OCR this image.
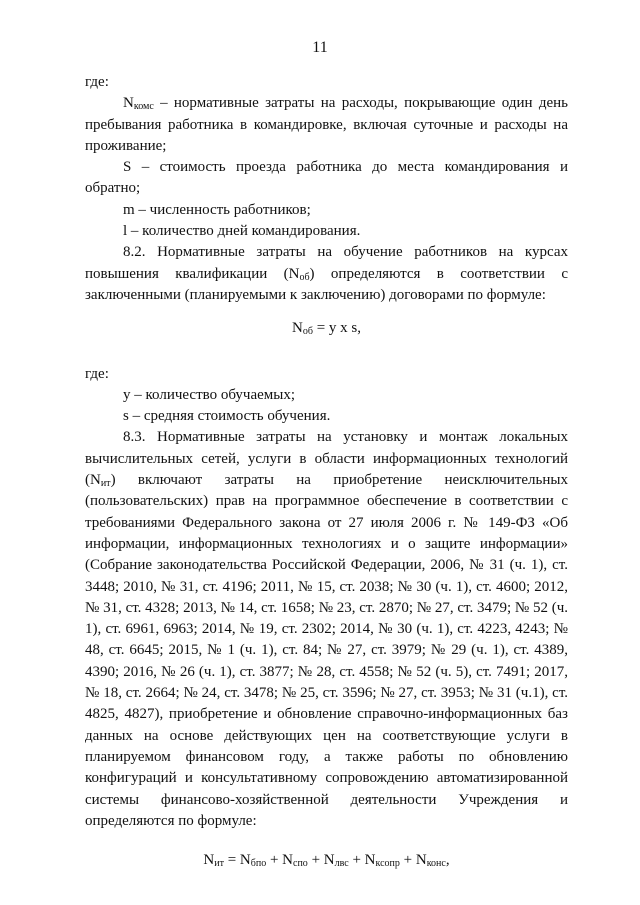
11

где:

$N_{комс}$ – нормативные затраты на расходы, покрывающие один день пребывания работника в командировке, включая суточные и расходы на проживание;

S – стоимость проезда работника до места командирования и обратно;

m – численность работников;

l – количество дней командирования.

8.2. Нормативные затраты на обучение работников на курсах повышения квалификации $(N_{об})$ определяются в соответствии с заключенными (планируемыми к заключению) договорами по формуле:

$N_{об} = y$ x s,

где:

y – количество обучаемых;

s – средняя стоимость обучения.

8.3. Нормативные затраты на установку и монтаж локальных вычислительных сетей, услуги в области информационных технологий $(N_{ит})$ включают затраты на приобретение неисключительных (пользовательских) прав на программное обеспечение в соответствии с требованиями Федерального закона от 27 июля 2006 г. № 149-ФЗ «Об информации, информационных технологиях и о защите информации» (Собрание законодательства Российской Федерации, 2006, № 31 (ч. 1), ст. 3448; 2010, № 31, ст. 4196; 2011, № 15, ст. 2038; № 30 (ч. 1), ст. 4600; 2012, № 31, ст. 4328; 2013, № 14, ст. 1658; № 23, ст. 2870; № 27, ст. 3479; № 52 (ч. 1), ст. 6961, 6963; 2014, № 19, ст. 2302; 2014, № 30 (ч. 1), ст. 4223, 4243; № 48, ст. 6645; 2015, № 1 (ч. 1), ст. 84; № 27, ст. 3979; № 29 (ч. 1), ст. 4389, 4390; 2016, № 26 (ч. 1), ст. 3877; № 28, ст. 4558; № 52 (ч. 5), ст. 7491; 2017, № 18, ст. 2664; № 24, ст. 3478; № 25, ст. 3596; № 27, ст. 3953; № 31 (ч.1), ст. 4825, 4827), приобретение и обновление справочно-информационных баз данных на основе действующих цен на соответствующие услуги в планируемом финансовом году, а также работы по обновлению конфигураций и консультативному сопровождению автоматизированной системы финансово-хозяйственной деятельности Учреждения и определяются по формуле:

$N_{ит} = N_{бпо} + N_{спо} + N_{лвс} + N_{ксопр} + N_{конс}$,
